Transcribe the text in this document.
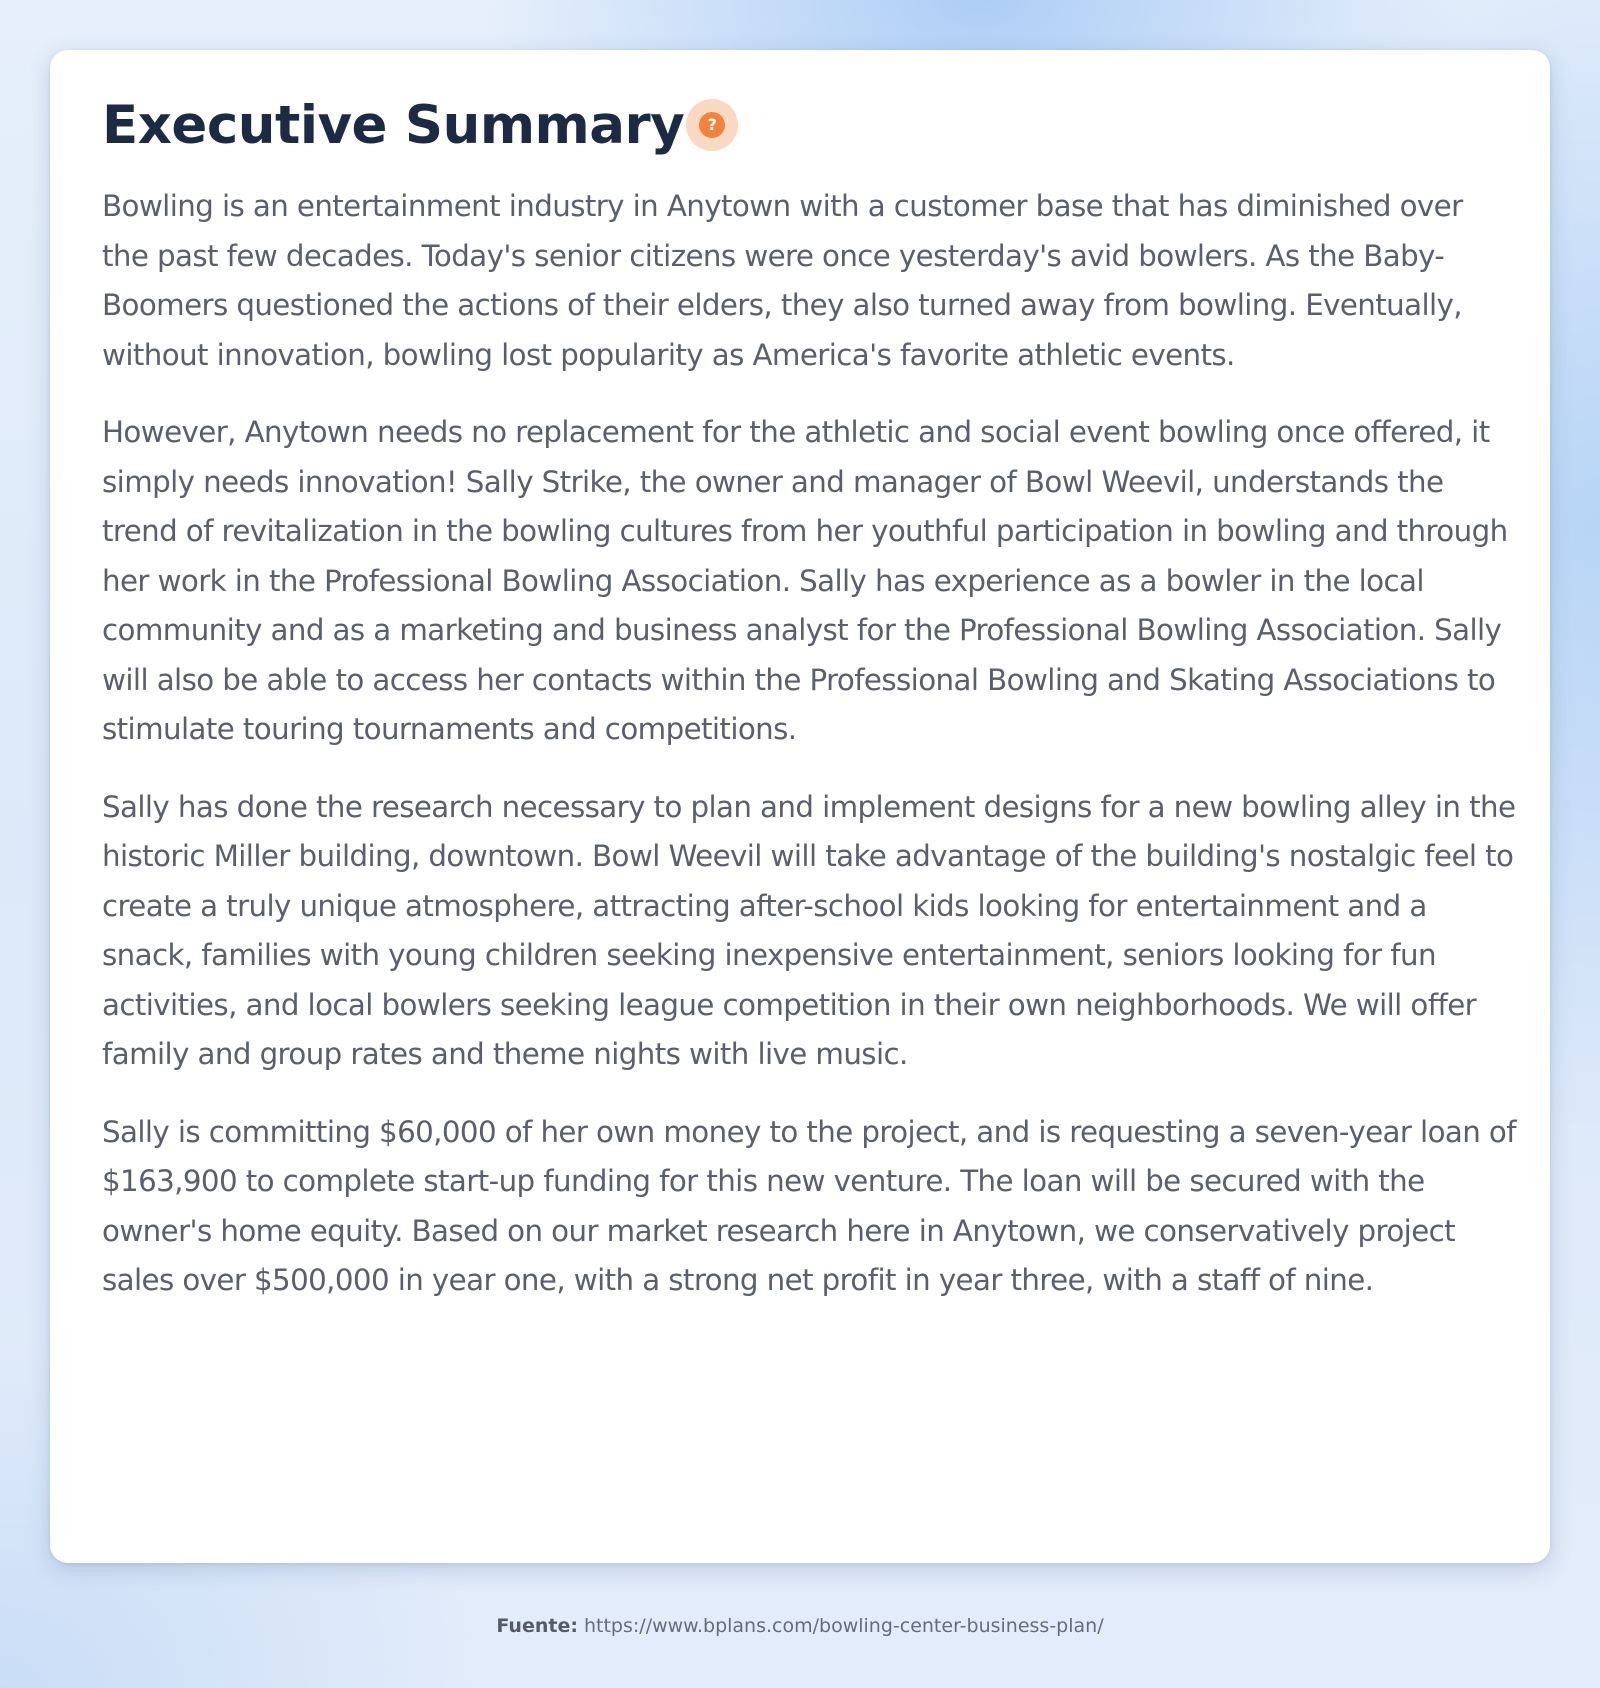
Executive Summary	?

Bowling is an entertainment industry in Anytown with a customer base that has diminished over the past few decades. Today's senior citizens were once yesterday's avid bowlers. As the Baby-Boomers questioned the actions of their elders, they also turned away from bowling. Eventually, without innovation, bowling lost popularity as America's favorite athletic events.

However, Anytown needs no replacement for the athletic and social event bowling once offered, it simply needs innovation! Sally Strike, the owner and manager of Bowl Weevil, understands the trend of revitalization in the bowling cultures from her youthful participation in bowling and through her work in the Professional Bowling Association. Sally has experience as a bowler in the local community and as a marketing and business analyst for the Professional Bowling Association. Sally will also be able to access her contacts within the Professional Bowling and Skating Associations to stimulate touring tournaments and competitions.

Sally has done the research necessary to plan and implement designs for a new bowling alley in the historic Miller building, downtown. Bowl Weevil will take advantage of the building's nostalgic feel to create a truly unique atmosphere, attracting after-school kids looking for entertainment and a snack, families with young children seeking inexpensive entertainment, seniors looking for fun activities, and local bowlers seeking league competition in their own neighborhoods. We will offer family and group rates and theme nights with live music.

Sally is committing $60,000 of her own money to the project, and is requesting a seven-year loan of $163,900 to complete start-up funding for this new venture. The loan will be secured with the owner's home equity. Based on our market research here in Anytown, we conservatively project sales over $500,000 in year one, with a strong net profit in year three, with a staff of nine.

Fuente: https://www.bplans.com/bowling-center-business-plan/
